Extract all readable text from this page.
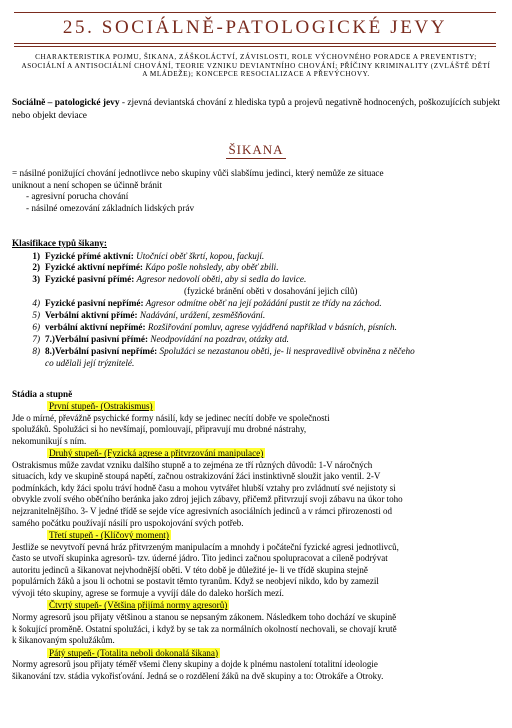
25. SOCIÁLNĚ-PATOLOGICKÉ JEVY
CHARAKTERISTIKA POJMU, ŠIKANA, ZÁŠKOLÁCTVÍ, ZÁVISLOSTI, ROLE VÝCHOVNÉHO PORADCE A PREVENTISTY; ASOCIÁLNÍ A ANTISOCIÁLNÍ CHOVÁNÍ, TEORIE VZNIKU DEVIANTNÍHO CHOVÁNÍ; PŘÍČINY KRIMINALITY (ZVLÁŠTĚ DĚTÍ A MLÁDEŽE); KONCEPCE RESOCIALIZACE A PŘEVÝCHOVY.
Sociálně – patologické jevy - zjevná deviantská chování z hlediska typů a projevů negativně hodnocených, poškozujících subjekt nebo objekt deviace
ŠIKANA
= násilné ponižující chování jednotlivce nebo skupiny vůči slabšímu jedinci, který nemůže ze situace
uniknout a není schopen se účinně bránit
- agresivní porucha chování
- násilné omezování základních lidských práv
Klasifikace typů šikany:
1) Fyzické přímé aktivní: Utočníci oběť škrtí, kopou, fackují.
2) Fyzické aktivní nepřímé: Kápo pošle nohsledy, aby oběť zbili.
3) Fyzické pasivní přímé: Agresor nedovolí oběti, aby si sedla do lavice.
(fyzické bránění oběti v dosahování jejich cílů)
4) Fyzické pasivní nepřímé: Agresor odmítne oběť na její požádání pustit ze třídy na záchod.
5) Verbální aktivní přímé: Nadávání, urážení, zesměšňování.
6) verbální aktivní nepřímé: Rozšiřování pomluv, agrese vyjádřená například v básních, písních.
7) 7.)Verbální pasivní přímé: Neodpovídání na pozdrav, otázky atd.
8) 8.)Verbální pasivní nepřímé: Spolužáci se nezastanou oběti, je- li nespravedlivě obviněna z něčeho
co udělali její trýznitelé.
Stádia a stupně
První stupeň- (Ostrakismus)
Jde o mírné, převážně psychické formy násilí, kdy se jedinec necítí dobře ve společnosti
spolužáků. Spolužáci si ho nevšímají, pomlouvají, připravují mu drobné nástrahy,
nekomunikují s ním.
Druhý stupeň- (Fyzická agrese a přitvrzování manipulace)
Ostrakismus může zavdat vzniku dalšího stupně a to zejména ze tří různých důvodů: 1-V náročných
situacích, kdy ve skupině stoupá napětí, začnou ostrakizování žáci instinktivně sloužit jako ventil. 2-V
podmínkách, kdy žáci spolu tráví hodně času a mohou vytvářet hlubší vztahy pro zvládnutí své nejistoty si
obvykle zvolí svého oběťního beránka jako zdroj jejich zábavy, přičemž přitvrzují svoji zábavu na úkor toho
nejzranitelnějšího. 3- V jedné třídě se sejde více agresivních asociálních jedinců a v rámci přirozenosti od
samého počátku používají násilí pro uspokojování svých potřeb.
Třetí stupeň - (Klíčový moment)
Jestliže se nevytvoří pevná hráz přitvrzeným manipulacím a mnohdy i počáteční fyzické agresi jednotlivců,
často se utvoří skupinka agresorů- tzv. úderné jádro. Tito jedinci začnou spolupracovat a cíleně podrývat
autoritu jedinců a šikanovat nejvhodnější oběti. V této době je důležité je- li ve třídě skupina stejně
populárních žáků a jsou li ochotni se postavit těmto tyranům. Když se neobjeví nikdo, kdo by zamezil
vývoji této skupiny, agrese se formuje a vyvíjí dále do daleko horších mezí.
Čtvrtý stupeň- (Většina přijímá normy agresorů)
Normy agresorů jsou přijaty většinou a stanou se nepsaným zákonem. Následkem toho dochází ve skupině
k šokující proměně. Ostatní spolužáci, i když by se tak za normálních okolností nechovali, se chovají krutě
k šikanovaným spolužákům.
Pátý stupeň- (Totalita neboli dokonalá šikana)
Normy agresorů jsou přijaty téměř všemi členy skupiny a dojde k plnému nastolení totalitní ideologie
šikanování tzv. stádia vykořisťování. Jedná se o rozdělení žáků na dvě skupiny a to: Otrokáře a Otroky.
